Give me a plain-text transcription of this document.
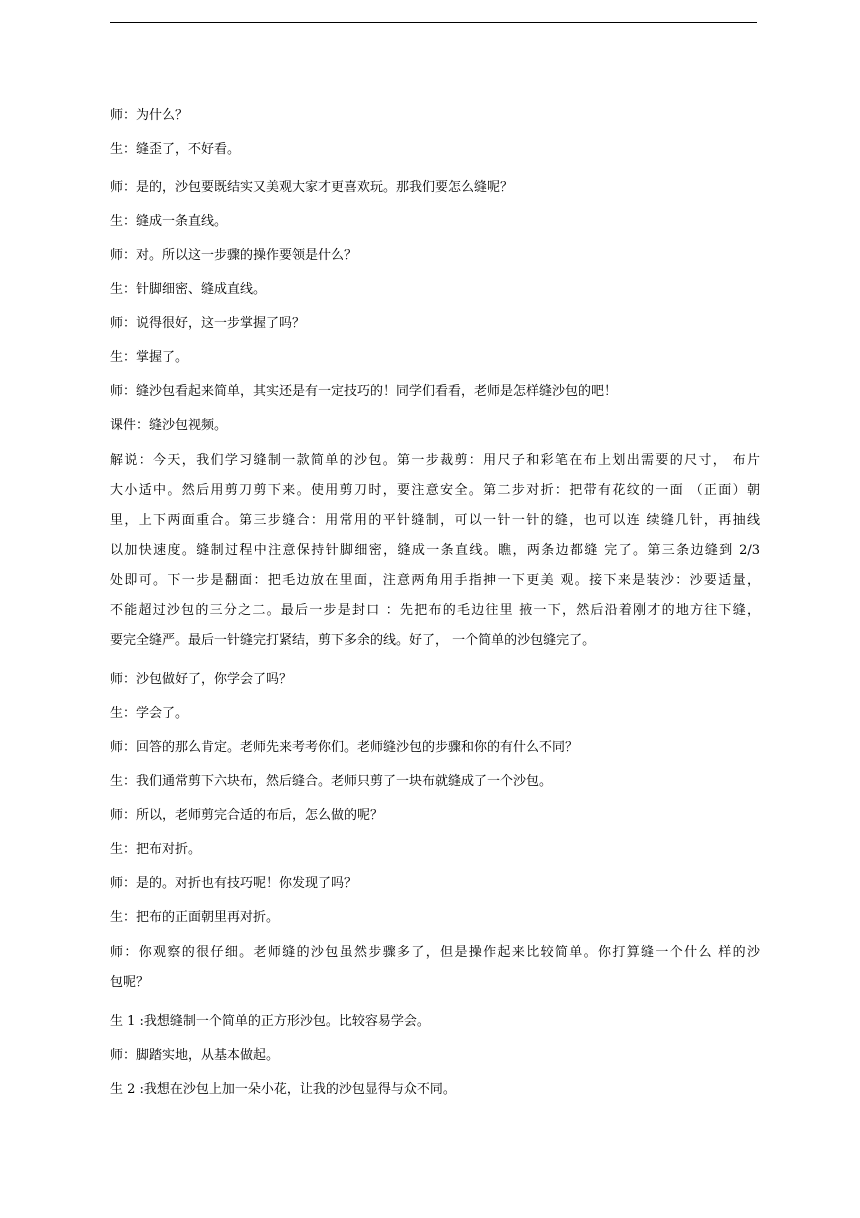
师：为什么？

生：缝歪了，不好看。

师：是的，沙包要既结实又美观大家才更喜欢玩。那我们要怎么缝呢？

生：缝成一条直线。

师：对。所以这一步骤的操作要领是什么？

生：针脚细密、缝成直线。

师：说得很好，这一步掌握了吗？

生：掌握了。

师：缝沙包看起来简单，其实还是有一定技巧的！同学们看看，老师是怎样缝沙包的吧！

课件：缝沙包视频。

解说：今天，我们学习缝制一款简单的沙包。第一步裁剪：用尺子和彩笔在布上划出需要的尺寸， 布片
大小适中。然后用剪刀剪下来。使用剪刀时，要注意安全。第二步对折：把带有花纹的一面 （正面）朝
里，上下两面重合。第三步缝合：用常用的平针缝制，可以一针一针的缝，也可以连 续缝几针，再抽线
以加快速度。缝制过程中注意保持针脚细密，缝成一条直线。瞧，两条边都缝 完了。第三条边缝到 2/3
处即可。下一步是翻面：把毛边放在里面，注意两角用手指抻一下更美 观。接下来是装沙：沙要适量，
不能超过沙包的三分之二。最后一步是封口 ：先把布的毛边往里 掖一下，然后沿着刚才的地方往下缝，
要完全缝严。最后一针缝完打紧结，剪下多余的线。好了， 一个简单的沙包缝完了。

师：沙包做好了，你学会了吗？

生：学会了。

师：回答的那么肯定。老师先来考考你们。老师缝沙包的步骤和你的有什么不同？

生：我们通常剪下六块布，然后缝合。老师只剪了一块布就缝成了一个沙包。

师：所以，老师剪完合适的布后，怎么做的呢？

生：把布对折。

师：是的。对折也有技巧呢！你发现了吗？

生：把布的正面朝里再对折。

师：你观察的很仔细。老师缝的沙包虽然步骤多了，但是操作起来比较简单。你打算缝一个什么 样的沙
包呢？

生 1 :我想缝制一个简单的正方形沙包。比较容易学会。

师：脚踏实地，从基本做起。

生 2 :我想在沙包上加一朵小花，让我的沙包显得与众不同。
